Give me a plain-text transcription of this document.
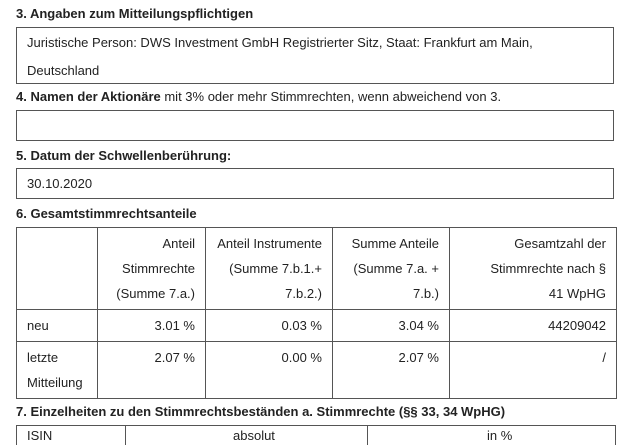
3. Angaben zum Mitteilungspflichtigen
Juristische Person: DWS Investment GmbH Registrierter Sitz, Staat: Frankfurt am Main,
Deutschland
4. Namen der Aktionäre mit 3% oder mehr Stimmrechten, wenn abweichend von 3.
5. Datum der Schwellenberührung:
30.10.2020
6. Gesamtstimmrechtsanteile
	Anteil
Stimmrechte
(Summe 7.a.)	Anteil Instrumente
(Summe 7.b.1.+
7.b.2.)	Summe Anteile
(Summe 7.a. +
7.b.)	Gesamtzahl der
Stimmrechte nach §
41 WpHG
neu	3.01 %	0.03 %	3.04 %	44209042
letzte
Mitteilung	2.07 %	0.00 %	2.07 %	/
7. Einzelheiten zu den Stimmrechtsbeständen a. Stimmrechte (§§ 33, 34 WpHG)
ISIN	absolut	in %
